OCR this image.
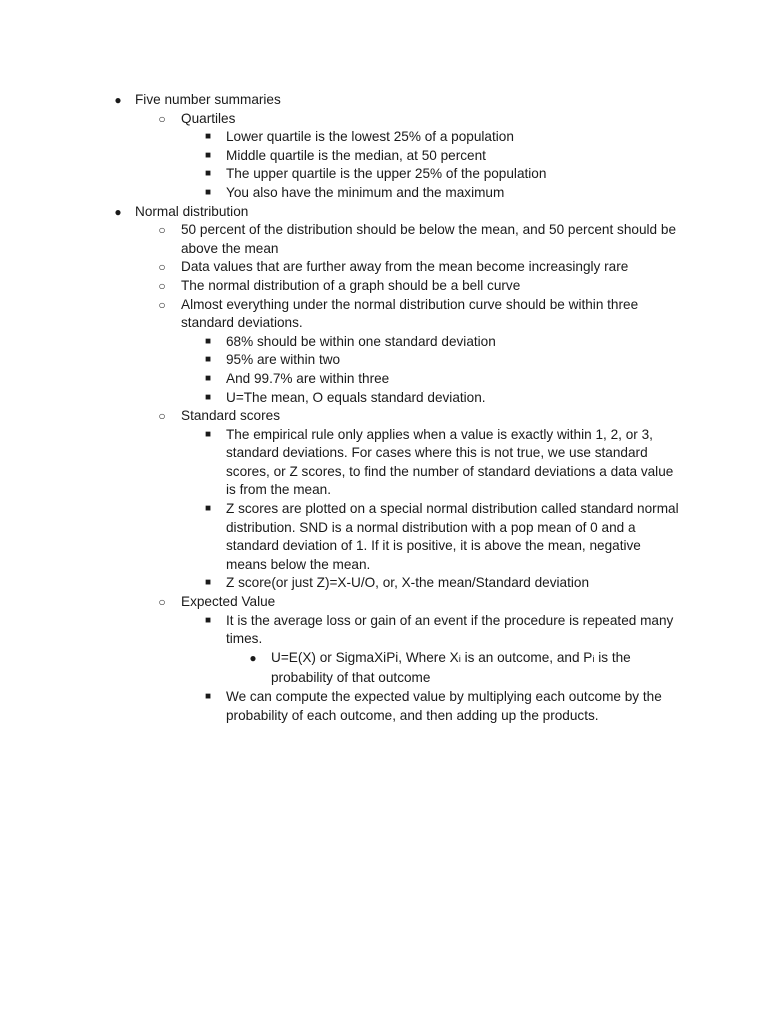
● Five number summaries
○ Quartiles
■ Lower quartile is the lowest 25% of a population
■ Middle quartile is the median, at 50 percent
■ The upper quartile is the upper 25% of the population
■ You also have the minimum and the maximum
● Normal distribution
○ 50 percent of the distribution should be below the mean, and 50 percent should be above the mean
○ Data values that are further away from the mean become increasingly rare
○ The normal distribution of a graph should be a bell curve
○ Almost everything under the normal distribution curve should be within three standard deviations.
■ 68% should be within one standard deviation
■ 95% are within two
■ And 99.7% are within three
■ U=The mean, O equals standard deviation.
○ Standard scores
■ The empirical rule only applies when a value is exactly within 1, 2, or 3, standard deviations. For cases where this is not true, we use standard scores, or Z scores, to find the number of standard deviations a data value is from the mean.
■ Z scores are plotted on a special normal distribution called standard normal distribution. SND is a normal distribution with a pop mean of 0 and a standard deviation of 1. If it is positive, it is above the mean, negative means below the mean.
■ Z score(or just Z)=X-U/O, or, X-the mean/Standard deviation
○ Expected Value
■ It is the average loss or gain of an event if the procedure is repeated many times.
● U=E(X) or SigmaXiPi, Where Xi is an outcome, and Pi is the probability of that outcome
■ We can compute the expected value by multiplying each outcome by the probability of each outcome, and then adding up the products.
